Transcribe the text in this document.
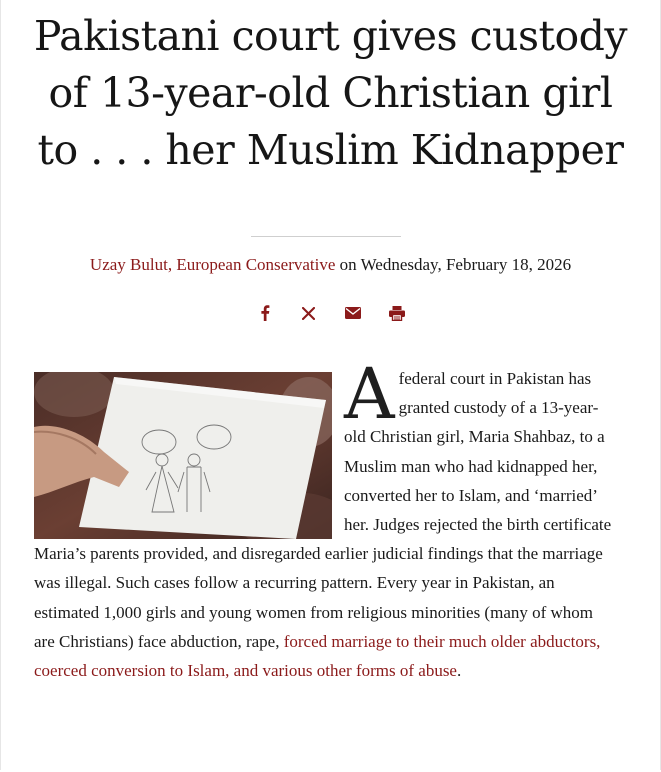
Pakistani court gives custody of 13-year-old Christian girl to . . . her Muslim Kidnapper
Uzay Bulut, European Conservative on Wednesday, February 18, 2026
Afederal court in Pakistan has granted custody of a 13-year-old Christian girl, Maria Shahbaz, to a Muslim man who had kidnapped her, converted her to Islam, and ‘married’ her. Judges rejected the birth certificate Maria’s parents provided, and disregarded earlier judicial findings that the marriage was illegal. Such cases follow a recurring pattern. Every year in Pakistan, an estimated 1,000 girls and young women from religious minorities (many of whom are Christians) face abduction, rape, forced marriage to their much older abductors, coerced conversion to Islam, and various other forms of abuse.
